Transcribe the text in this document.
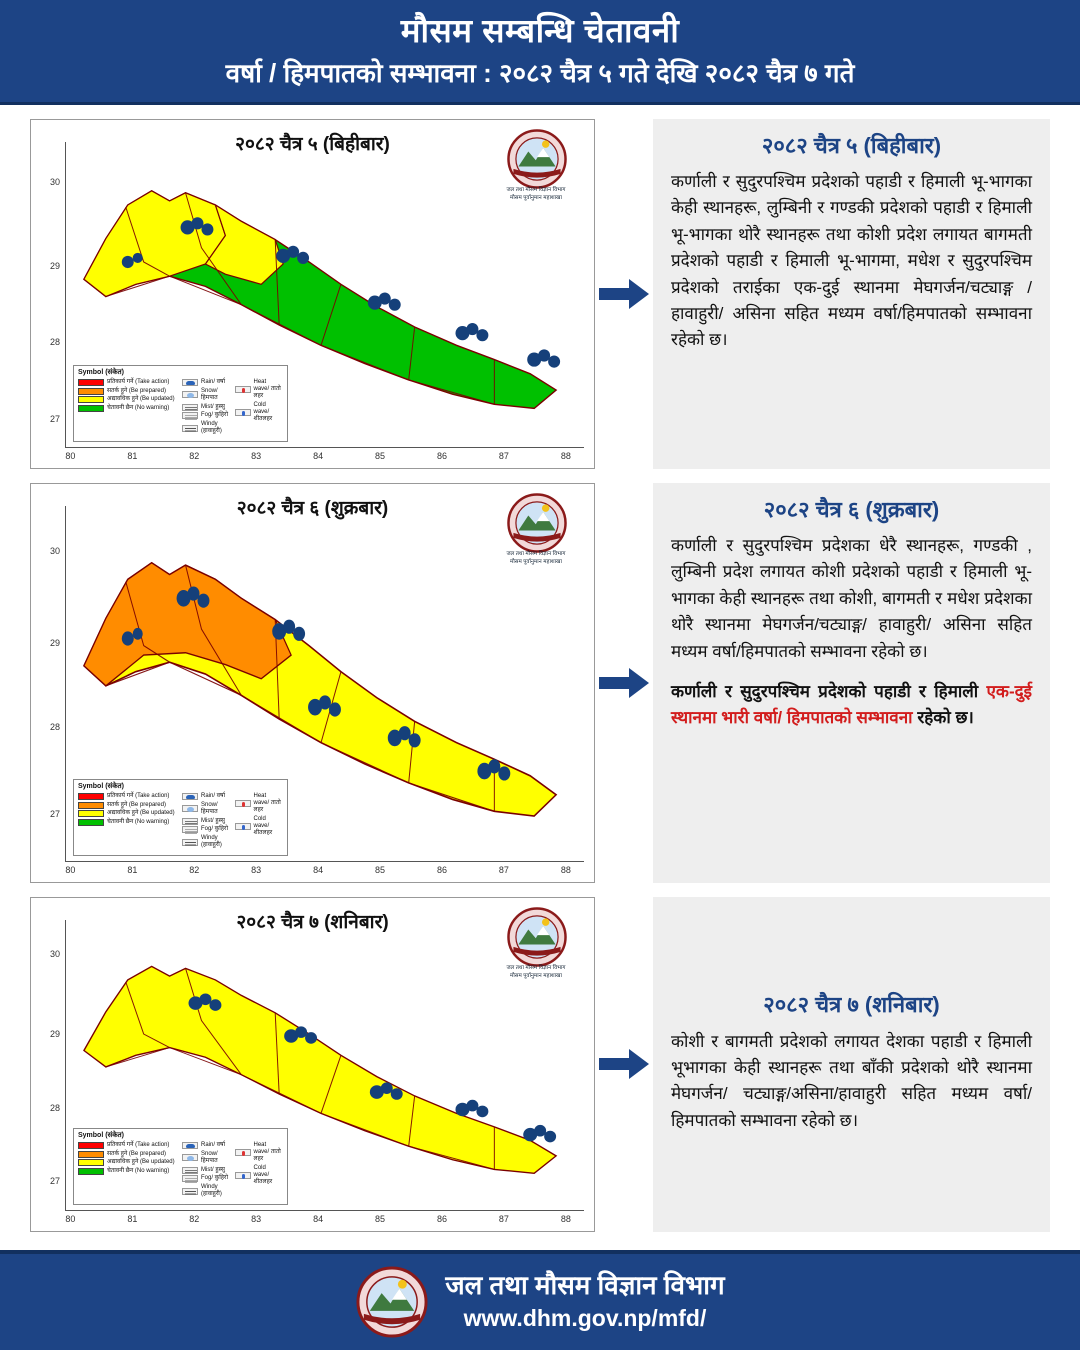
मौसम सम्बन्धि चेतावनी
वर्षा / हिमपातको सम्भावना : २०८२ चैत्र ५ गते देखि २०८२ चैत्र ७ गते
२०८२ चैत्र ५ (बिहीबार)
जल तथा मौसम विज्ञान विभाग
मौसम पूर्वानुमान महाशाखा
30
29
28
27
Symbol (संकेत)
प्रतिकार्य गर्ने (Take action)
सतर्क हुने (Be prepared)
अद्यावधिक हुने (Be updated)
चेतावनी छैन (No warning)
Rain/ वर्षा
Snow/ हिमपात
Mist/ हुस्सु
Fog/ कुहिरो
Windy (हावाहुरी)
Heat wave/ तातो लहर
Cold wave/ शीतलहर
80	81	82	83	84	85	86	87	88
२०८२ चैत्र ५ (बिहीबार)
कर्णाली र सुदुरपश्चिम प्रदेशको पहाडी र हिमाली भू-भागका केही स्थानहरू, लुम्बिनी र गण्डकी प्रदेशको पहाडी र हिमाली भू-भागका थोरै स्थानहरू तथा कोशी प्रदेश लगायत बागमती प्रदेशको पहाडी र हिमाली भू-भागमा, मधेश र सुदुरपश्चिम प्रदेशको तराईका एक-दुई स्थानमा मेघगर्जन/चट्याङ्ग /हावाहुरी/ असिना सहित मध्यम वर्षा/हिमपातको सम्भावना रहेको छ।
२०८२ चैत्र ६ (शुक्रबार)
जल तथा मौसम विज्ञान विभाग
मौसम पूर्वानुमान महाशाखा
30
29
28
27
Symbol (संकेत)
प्रतिकार्य गर्ने (Take action)
सतर्क हुने (Be prepared)
अद्यावधिक हुने (Be updated)
चेतावनी छैन (No warning)
Rain/ वर्षा
Snow/ हिमपात
Mist/ हुस्सु
Fog/ कुहिरो
Windy (हावाहुरी)
Heat wave/ तातो लहर
Cold wave/ शीतलहर
80	81	82	83	84	85	86	87	88
२०८२ चैत्र ६ (शुक्रबार)
कर्णाली र सुदुरपश्चिम प्रदेशका धेरै स्थानहरू, गण्डकी , लुम्बिनी प्रदेश लगायत कोशी प्रदेशको पहाडी र हिमाली भू-भागका केही स्थानहरू तथा कोशी, बागमती र मधेश प्रदेशका थोरै स्थानमा मेघगर्जन/चट्याङ्ग/ हावाहुरी/ असिना सहित मध्यम वर्षा/हिमपातको सम्भावना रहेको छ।
कर्णाली र सुदुरपश्चिम प्रदेशको पहाडी र हिमाली एक-दुई स्थानमा भारी वर्षा/ हिमपातको सम्भावना रहेको छ।
२०८२ चैत्र ७ (शनिबार)
जल तथा मौसम विज्ञान विभाग
मौसम पूर्वानुमान महाशाखा
30
29
28
27
Symbol (संकेत)
प्रतिकार्य गर्ने (Take action)
सतर्क हुने (Be prepared)
अद्यावधिक हुने (Be updated)
चेतावनी छैन (No warning)
Rain/ वर्षा
Snow/ हिमपात
Mist/ हुस्सु
Fog/ कुहिरो
Windy (हावाहुरी)
Heat wave/ तातो लहर
Cold wave/ शीतलहर
80	81	82	83	84	85	86	87	88
२०८२ चैत्र ७ (शनिबार)
कोशी र बागमती प्रदेशको लगायत देशका पहाडी र हिमाली भूभागका केही स्थानहरू तथा बाँकी प्रदेशको थोरै स्थानमा मेघगर्जन/ चट्याङ्ग/असिना/हावाहुरी सहित मध्यम वर्षा/ हिमपातको सम्भावना रहेको छ।
जल तथा मौसम विज्ञान विभाग
www.dhm.gov.np/mfd/
